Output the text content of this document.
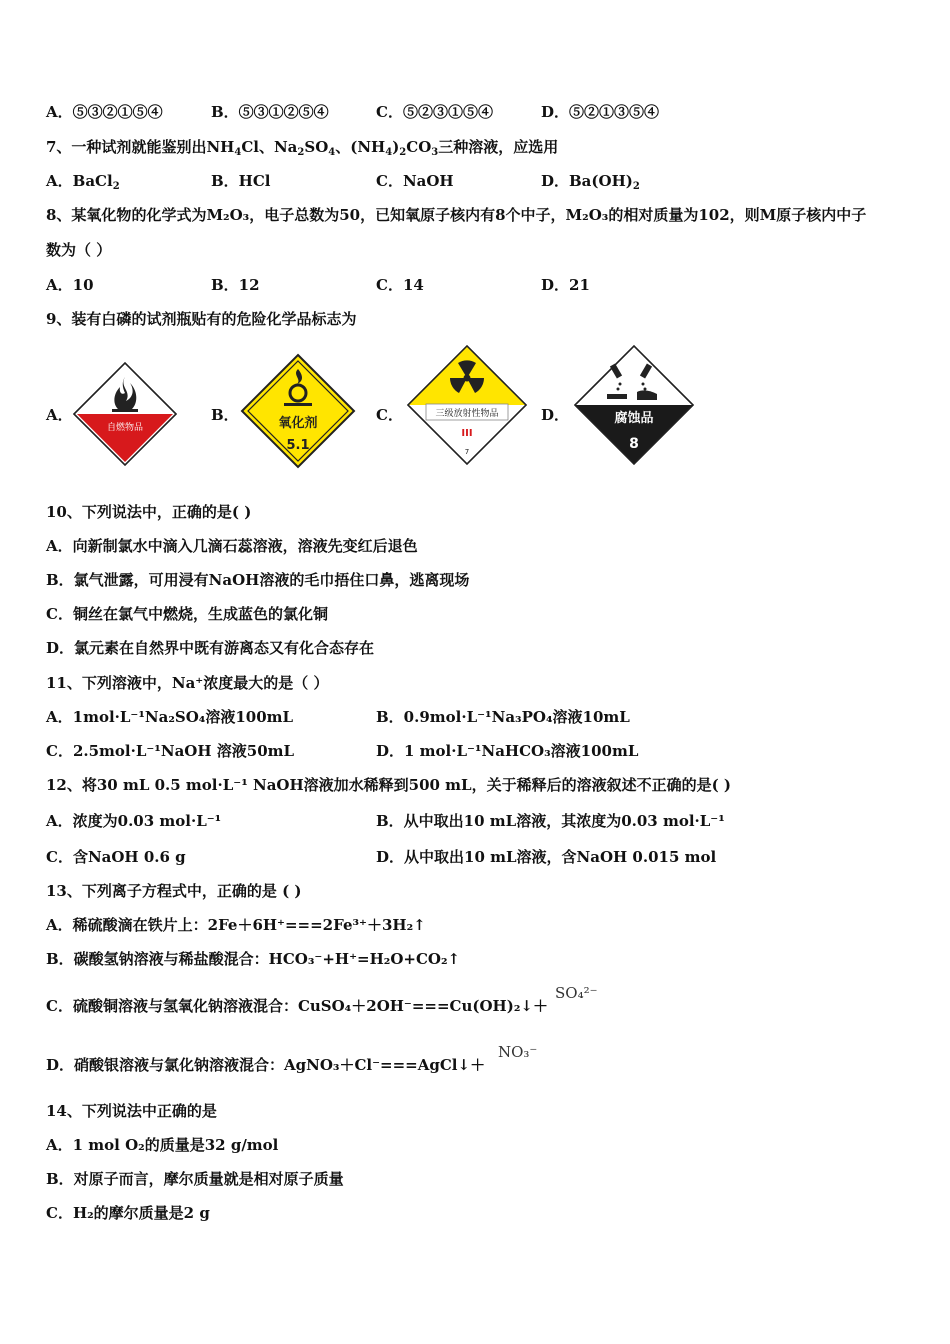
A．⑤③②①⑤④	B．⑤③①②⑤④	C．⑤②③①⑤④	D．⑤②①③⑤④
7、一种试剂就能鉴别出$NH_4Cl$、$Na_2SO_4$、$(NH_4)_2CO_3$三种溶液，应选用
A．BaCl$_2$	B．HCl	C．NaOH	D．$Ba(OH)_2$
8、某氧化物的化学式为M₂O₃，电子总数为50，已知氧原子核内有8个中子，M₂O₃的相对质量为102，则M原子核内中子
数为（ ）
A．10	B．12	C．14	D．21
9、装有白磷的试剂瓶贴有的危险化学品标志为
A．
自燃物品
B．	氧化剂
5.1
C．	三级放射性物品
III
7
D．	腐蚀品
8
10、下列说法中，正确的是( )
A．向新制氯水中滴入几滴石蕊溶液，溶液先变红后退色
B．氯气泄露，可用浸有NaOH溶液的毛巾捂住口鼻，逃离现场
C．铜丝在氯气中燃烧，生成蓝色的氯化铜
D．氯元素在自然界中既有游离态又有化合态存在
11、下列溶液中，Na⁺浓度最大的是（ ）
A．1mol·L⁻¹Na₂SO₄溶液100mL	B．0.9mol·L⁻¹Na₃PO₄溶液10mL
C．2.5mol·L⁻¹NaOH 溶液50mL	D．1 mol·L⁻¹NaHCO₃溶液100mL
12、将30 mL 0.5 mol·L⁻¹ NaOH溶液加水稀释到500 mL，关于稀释后的溶液叙述不正确的是( )
A．浓度为0.03 mol·L⁻¹	B．从中取出10 mL溶液，其浓度为0.03 mol·L⁻¹
C．含NaOH 0.6 g	D．从中取出10 mL溶液，含NaOH 0.015 mol
13、下列离子方程式中，正确的是 ( )
A．稀硫酸滴在铁片上：2Fe＋6H⁺===2Fe³⁺＋3H₂↑
B．碳酸氢钠溶液与稀盐酸混合：HCO₃⁻+H⁺=H₂O+CO₂↑
C．硫酸铜溶液与氢氧化钠溶液混合：CuSO₄＋2OH⁻===Cu(OH)₂↓＋
SO₄²⁻
D．硝酸银溶液与氯化钠溶液混合：AgNO₃＋Cl⁻===AgCl↓＋
NO₃⁻
14、下列说法中正确的是
A．1 mol O₂的质量是32 g/mol
B．对原子而言，摩尔质量就是相对原子质量
C．H₂的摩尔质量是2 g
